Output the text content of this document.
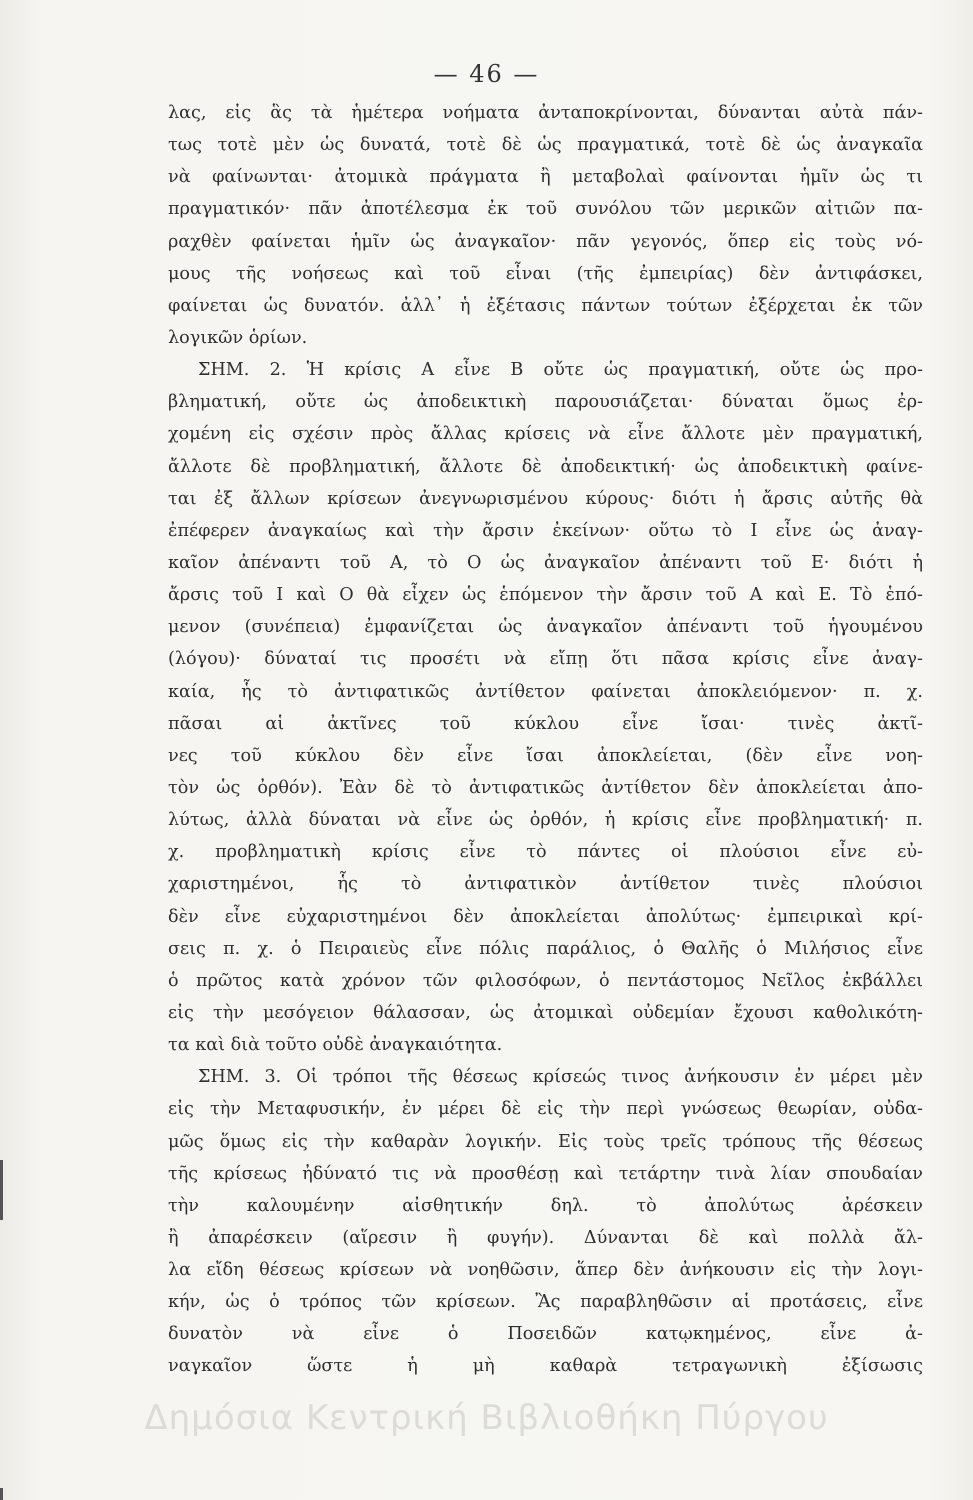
— 46 —
λας, εἰς ἃς τὰ ἡμέτερα νοήματα ἀνταποκρίνονται, δύνανται αὐτὰ πάν-
τως τοτὲ μὲν ὡς δυνατά, τοτὲ δὲ ὡς πραγματικά, τοτὲ δὲ ὡς ἀναγκαῖα
νὰ φαίνωνται· ἀτομικὰ πράγματα ἢ μεταβολαὶ φαίνονται ἡμῖν ὡς τι
πραγματικόν· πᾶν ἀποτέλεσμα ἐκ τοῦ συνόλου τῶν μερικῶν αἰτιῶν πα-
ραχθὲν φαίνεται ἡμῖν ὡς ἀναγκαῖον· πᾶν γεγονός, ὅπερ εἰς τοὺς νό-
μους τῆς νοήσεως καὶ τοῦ εἶναι (τῆς ἐμπειρίας) δὲν ἀντιφάσκει,
φαίνεται ὡς δυνατόν. ἀλλ᾽ ἡ ἐξέτασις πάντων τούτων ἐξέρχεται ἐκ τῶν
λογικῶν ὁρίων.
ΣΗΜ. 2. Ἡ κρίσις Α εἶνε Β οὔτε ὡς πραγματική, οὔτε ὡς προ-
βληματική, οὔτε ὡς ἀποδεικτικὴ παρουσιάζεται· δύναται ὅμως ἐρ-
χομένη εἰς σχέσιν πρὸς ἄλλας κρίσεις νὰ εἶνε ἄλλοτε μὲν πραγματική,
ἄλλοτε δὲ προβληματική, ἄλλοτε δὲ ἀποδεικτική· ὡς ἀποδεικτικὴ φαίνε-
ται ἐξ ἄλλων κρίσεων ἀνεγνωρισμένου κύρους· διότι ἡ ἄρσις αὐτῆς θὰ
ἐπέφερεν ἀναγκαίως καὶ τὴν ἄρσιν ἐκείνων· οὕτω τὸ Ι εἶνε ὡς ἀναγ-
καῖον ἀπέναντι τοῦ Α, τὸ Ο ὡς ἀναγκαῖον ἀπέναντι τοῦ Ε· διότι ἡ
ἄρσις τοῦ Ι καὶ Ο θὰ εἶχεν ὡς ἑπόμενον τὴν ἄρσιν τοῦ Α καὶ Ε. Τὸ ἑπό-
μενον (συνέπεια) ἐμφανίζεται ὡς ἀναγκαῖον ἀπέναντι τοῦ ἡγουμένου
(λόγου)· δύναταί τις προσέτι νὰ εἴπῃ ὅτι πᾶσα κρίσις εἶνε ἀναγ-
καία, ἧς τὸ ἀντιφατικῶς ἀντίθετον φαίνεται ἀποκλειόμενον· π. χ.
πᾶσαι αἱ ἀκτῖνες τοῦ κύκλου εἶνε ἴσαι· τινὲς ἀκτῖ-
νες τοῦ κύκλου δὲν εἶνε ἴσαι ἀποκλείεται, (δὲν εἶνε νοη-
τὸν ὡς ὀρθόν). Ἐὰν δὲ τὸ ἀντιφατικῶς ἀντίθετον δὲν ἀποκλείεται ἀπο-
λύτως, ἀλλὰ δύναται νὰ εἶνε ὡς ὀρθόν, ἡ κρίσις εἶνε προβληματική· π.
χ. προβληματικὴ κρίσις εἶνε τὸ πάντες οἱ πλούσιοι εἶνε εὐ-
χαριστημένοι, ἧς τὸ ἀντιφατικὸν ἀντίθετον τινὲς πλούσιοι
δὲν εἶνε εὐχαριστημένοι δὲν ἀποκλείεται ἀπολύτως· ἐμπειρικαὶ κρί-
σεις π. χ. ὁ Πειραιεὺς εἶνε πόλις παράλιος, ὁ Θαλῆς ὁ Μιλήσιος εἶνε
ὁ πρῶτος κατὰ χρόνον τῶν φιλοσόφων, ὁ πεντάστομος Νεῖλος ἐκβάλλει
εἰς τὴν μεσόγειον θάλασσαν, ὡς ἀτομικαὶ οὐδεμίαν ἔχουσι καθολικότη-
τα καὶ διὰ τοῦτο οὐδὲ ἀναγκαιότητα.
ΣΗΜ. 3. Οἱ τρόποι τῆς θέσεως κρίσεώς τινος ἀνήκουσιν ἐν μέρει μὲν
εἰς τὴν Μεταφυσικήν, ἐν μέρει δὲ εἰς τὴν περὶ γνώσεως θεωρίαν, οὐδα-
μῶς ὅμως εἰς τὴν καθαρὰν λογικήν. Εἰς τοὺς τρεῖς τρόπους τῆς θέσεως
τῆς κρίσεως ἠδύνατό τις νὰ προσθέσῃ καὶ τετάρτην τινὰ λίαν σπουδαίαν
τὴν καλουμένην αἰσθητικήν δηλ. τὸ ἀπολύτως ἀρέσκειν
ἢ ἀπαρέσκειν (αἵρεσιν ἢ φυγήν). Δύνανται δὲ καὶ πολλὰ ἄλ-
λα εἴδη θέσεως κρίσεων νὰ νοηθῶσιν, ἅπερ δὲν ἀνήκουσιν εἰς τὴν λογι-
κήν, ὡς ὁ τρόπος τῶν κρίσεων. Ἂς παραβληθῶσιν αἱ προτάσεις, εἶνε
δυνατὸν νὰ εἶνε ὁ Ποσειδῶν κατῳκημένος, εἶνε ἀ-
ναγκαῖον ὥστε ἡ μὴ καθαρὰ τετραγωνικὴ ἐξίσωσις
Δημόσια Κεντρική Βιβλιοθήκη Πύργου
